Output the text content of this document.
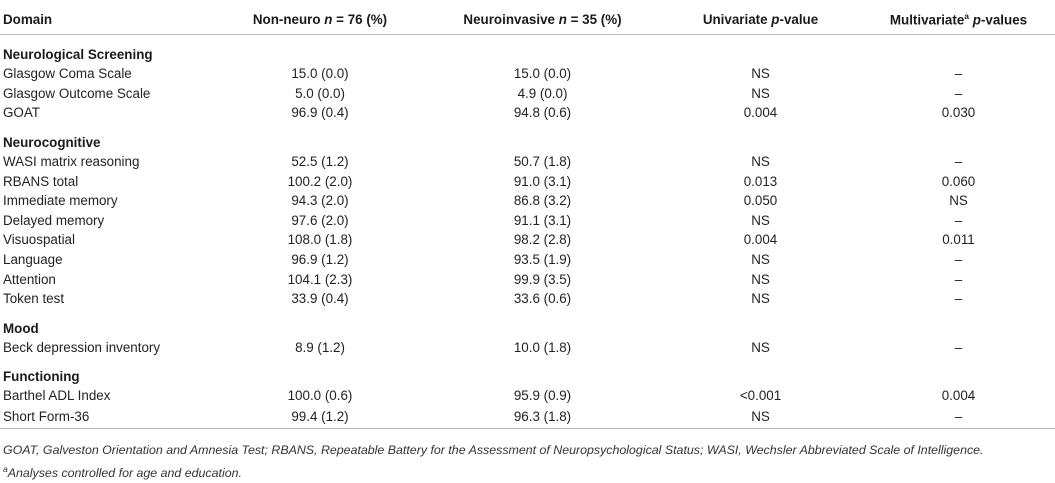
Domain	Non-neuro n = 76 (%)	Neuroinvasive n = 35 (%)	Univariate p-value	Multivariate$^a$ p-values
Neurological Screening				
Glasgow Coma Scale	15.0 (0.0)	15.0 (0.0)	NS	–
Glasgow Outcome Scale	5.0 (0.0)	4.9 (0.0)	NS	–
GOAT	96.9 (0.4)	94.8 (0.6)	0.004	0.030
Neurocognitive				
WASI matrix reasoning	52.5 (1.2)	50.7 (1.8)	NS	–
RBANS total	100.2 (2.0)	91.0 (3.1)	0.013	0.060
Immediate memory	94.3 (2.0)	86.8 (3.2)	0.050	NS
Delayed memory	97.6 (2.0)	91.1 (3.1)	NS	–
Visuospatial	108.0 (1.8)	98.2 (2.8)	0.004	0.011
Language	96.9 (1.2)	93.5 (1.9)	NS	–
Attention	104.1 (2.3)	99.9 (3.5)	NS	–
Token test	33.9 (0.4)	33.6 (0.6)	NS	–
Mood				
Beck depression inventory	8.9 (1.2)	10.0 (1.8)	NS	–
Functioning				
Barthel ADL Index	100.0 (0.6)	95.9 (0.9)	<0.001	0.004
Short Form-36	99.4 (1.2)	96.3 (1.8)	NS	–
GOAT, Galveston Orientation and Amnesia Test; RBANS, Repeatable Battery for the Assessment of Neuropsychological Status; WASI, Wechsler Abbreviated Scale of Intelligence.
$^a$Analyses controlled for age and education.
